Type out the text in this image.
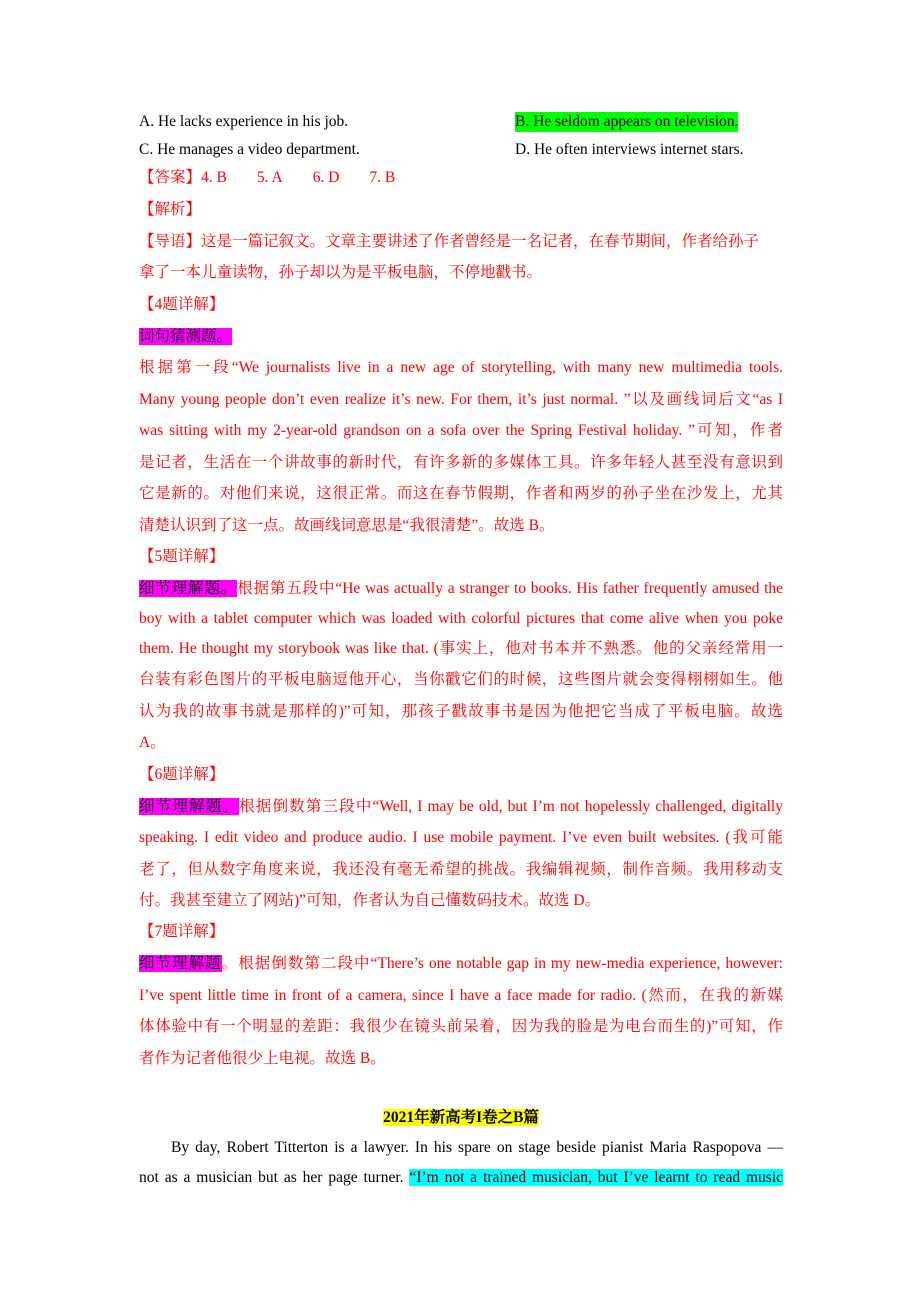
A. He lacks experience in his job.	B. He seldom appears on television.
C. He manages a video department.	D. He often interviews internet stars.
【答案】4. B 5. A 6. D 7. B
【解析】
【导语】这是一篇记叙文。文章主要讲述了作者曾经是一名记者，在春节期间，作者给孙子
拿了一本儿童读物，孙子却以为是平板电脑，不停地戳书。
【4题详解】
词句猜测题。
根据第一段“We journalists live in a new age of storytelling, with many new multimedia tools.
Many young people don’t even realize it’s new. For them, it’s just normal. ”以及画线词后文“as I
was sitting with my 2-year-old grandson on a sofa over the Spring Festival holiday. ”可知，作者
是记者，生活在一个讲故事的新时代，有许多新的多媒体工具。许多年轻人甚至没有意识到
它是新的。对他们来说，这很正常。而这在春节假期，作者和两岁的孙子坐在沙发上，尤其
清楚认识到了这一点。故画线词意思是“我很清楚”。故选 B。
【5题详解】
细节理解题。根据第五段中“He was actually a stranger to books. His father frequently amused the
boy with a tablet computer which was loaded with colorful pictures that come alive when you poke
them. He thought my storybook was like that. (事实上，他对书本并不熟悉。他的父亲经常用一
台装有彩色图片的平板电脑逗他开心，当你戳它们的时候，这些图片就会变得栩栩如生。他
认为我的故事书就是那样的)”可知，那孩子戳故事书是因为他把它当成了平板电脑。故选
A。
【6题详解】
细节理解题。根据倒数第三段中“Well, I may be old, but I’m not hopelessly challenged, digitally
speaking. I edit video and produce audio. I use mobile payment. I’ve even built websites. (我可能
老了，但从数字角度来说，我还没有毫无希望的挑战。我编辑视频，制作音频。我用移动支
付。我甚至建立了网站)”可知，作者认为自己懂数码技术。故选 D。
【7题详解】
细节理解题。根据倒数第二段中“There’s one notable gap in my new-media experience, however:
I’ve spent little time in front of a camera, since I have a face made for radio. (然而，在我的新媒
体体验中有一个明显的差距：我很少在镜头前呆着，因为我的脸是为电台而生的)”可知，作
者作为记者他很少上电视。故选 B。
2021年新高考I卷之B篇
By day, Robert Titterton is a lawyer. In his spare on stage beside pianist Maria Raspopova —
not as a musician but as her page turner. “I’m not a trained musician, but I’ve learnt to read music
